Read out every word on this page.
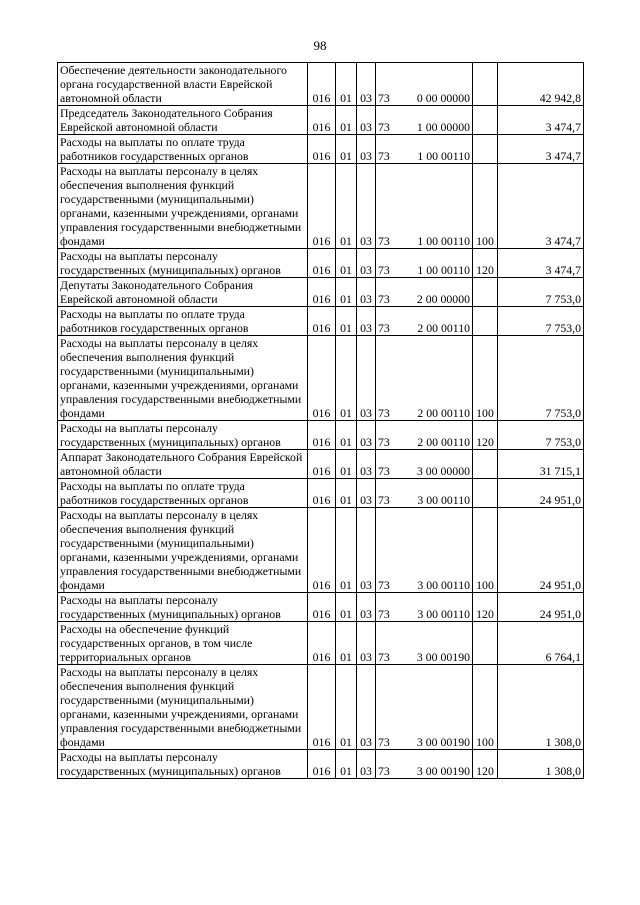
98
Обеспечение деятельности законодательного органа государственной власти Еврейской автономной области	016	01	03	73	0 00 00000		42 942,8
Председатель Законодательного Собрания Еврейской автономной области	016	01	03	73	1 00 00000		3 474,7
Расходы на выплаты по оплате труда работников государственных органов	016	01	03	73	1 00 00110		3 474,7
Расходы на выплаты персоналу в целях обеспечения выполнения функций государственными (муниципальными) органами, казенными учреждениями, органами управления государственными внебюджетными фондами	016	01	03	73	1 00 00110	100	3 474,7
Расходы на выплаты персоналу государственных (муниципальных) органов	016	01	03	73	1 00 00110	120	3 474,7
Депутаты Законодательного Собрания Еврейской автономной области	016	01	03	73	2 00 00000		7 753,0
Расходы на выплаты по оплате труда работников государственных органов	016	01	03	73	2 00 00110		7 753,0
Расходы на выплаты персоналу в целях обеспечения выполнения функций государственными (муниципальными) органами, казенными учреждениями, органами управления государственными внебюджетными фондами	016	01	03	73	2 00 00110	100	7 753,0
Расходы на выплаты персоналу государственных (муниципальных) органов	016	01	03	73	2 00 00110	120	7 753,0
Аппарат Законодательного Собрания Еврейской автономной области	016	01	03	73	3 00 00000		31 715,1
Расходы на выплаты по оплате труда работников государственных органов	016	01	03	73	3 00 00110		24 951,0
Расходы на выплаты персоналу в целях обеспечения выполнения функций государственными (муниципальными) органами, казенными учреждениями, органами управления государственными внебюджетными фондами	016	01	03	73	3 00 00110	100	24 951,0
Расходы на выплаты персоналу государственных (муниципальных) органов	016	01	03	73	3 00 00110	120	24 951,0
Расходы на обеспечение функций государственных органов, в том числе территориальных органов	016	01	03	73	3 00 00190		6 764,1
Расходы на выплаты персоналу в целях обеспечения выполнения функций государственными (муниципальными) органами, казенными учреждениями, органами управления государственными внебюджетными фондами	016	01	03	73	3 00 00190	100	1 308,0
Расходы на выплаты персоналу государственных (муниципальных) органов	016	01	03	73	3 00 00190	120	1 308,0
